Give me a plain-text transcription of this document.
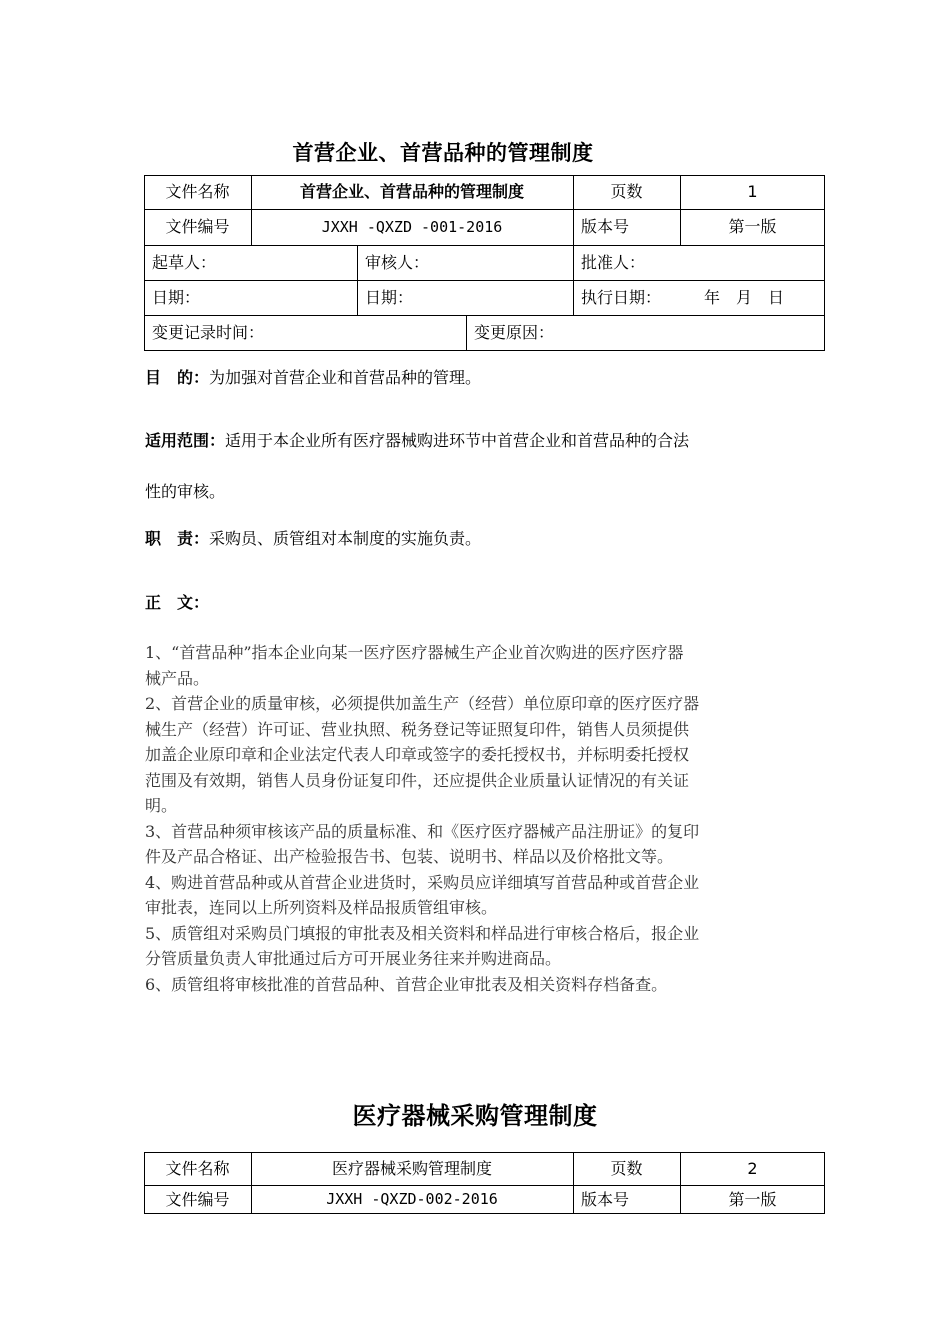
首营企业、首营品种的管理制度
文件名称	首营企业、首营品种的管理制度	页数	1
文件编号	JXXH -QXZD -001-2016	版本号	第一版
起草人：	审核人：	批准人：
日期：	日期：	执行日期：	年　月　日
变更记录时间：	变更原因：
目　的：为加强对首营企业和首营品种的管理。
适用范围：适用于本企业所有医疗器械购进环节中首营企业和首营品种的合法
性的审核。
职　责：采购员、质管组对本制度的实施负责。
正　文：
1、“首营品种”指本企业向某一医疗医疗器械生产企业首次购进的医疗医疗器
械产品。
2、首营企业的质量审核，必须提供加盖生产（经营）单位原印章的医疗医疗器
械生产（经营）许可证、营业执照、税务登记等证照复印件，销售人员须提供
加盖企业原印章和企业法定代表人印章或签字的委托授权书，并标明委托授权
范围及有效期，销售人员身份证复印件，还应提供企业质量认证情况的有关证
明。
3、首营品种须审核该产品的质量标准、和《医疗医疗器械产品注册证》的复印
件及产品合格证、出产检验报告书、包装、说明书、样品以及价格批文等。
4、购进首营品种或从首营企业进货时，采购员应详细填写首营品种或首营企业
审批表，连同以上所列资料及样品报质管组审核。
5、质管组对采购员门填报的审批表及相关资料和样品进行审核合格后，报企业
分管质量负责人审批通过后方可开展业务往来并购进商品。
6、质管组将审核批准的首营品种、首营企业审批表及相关资料存档备查。
医疗器械采购管理制度
文件名称	医疗器械采购管理制度	页数	2
文件编号	JXXH -QXZD-002-2016	版本号	第一版
